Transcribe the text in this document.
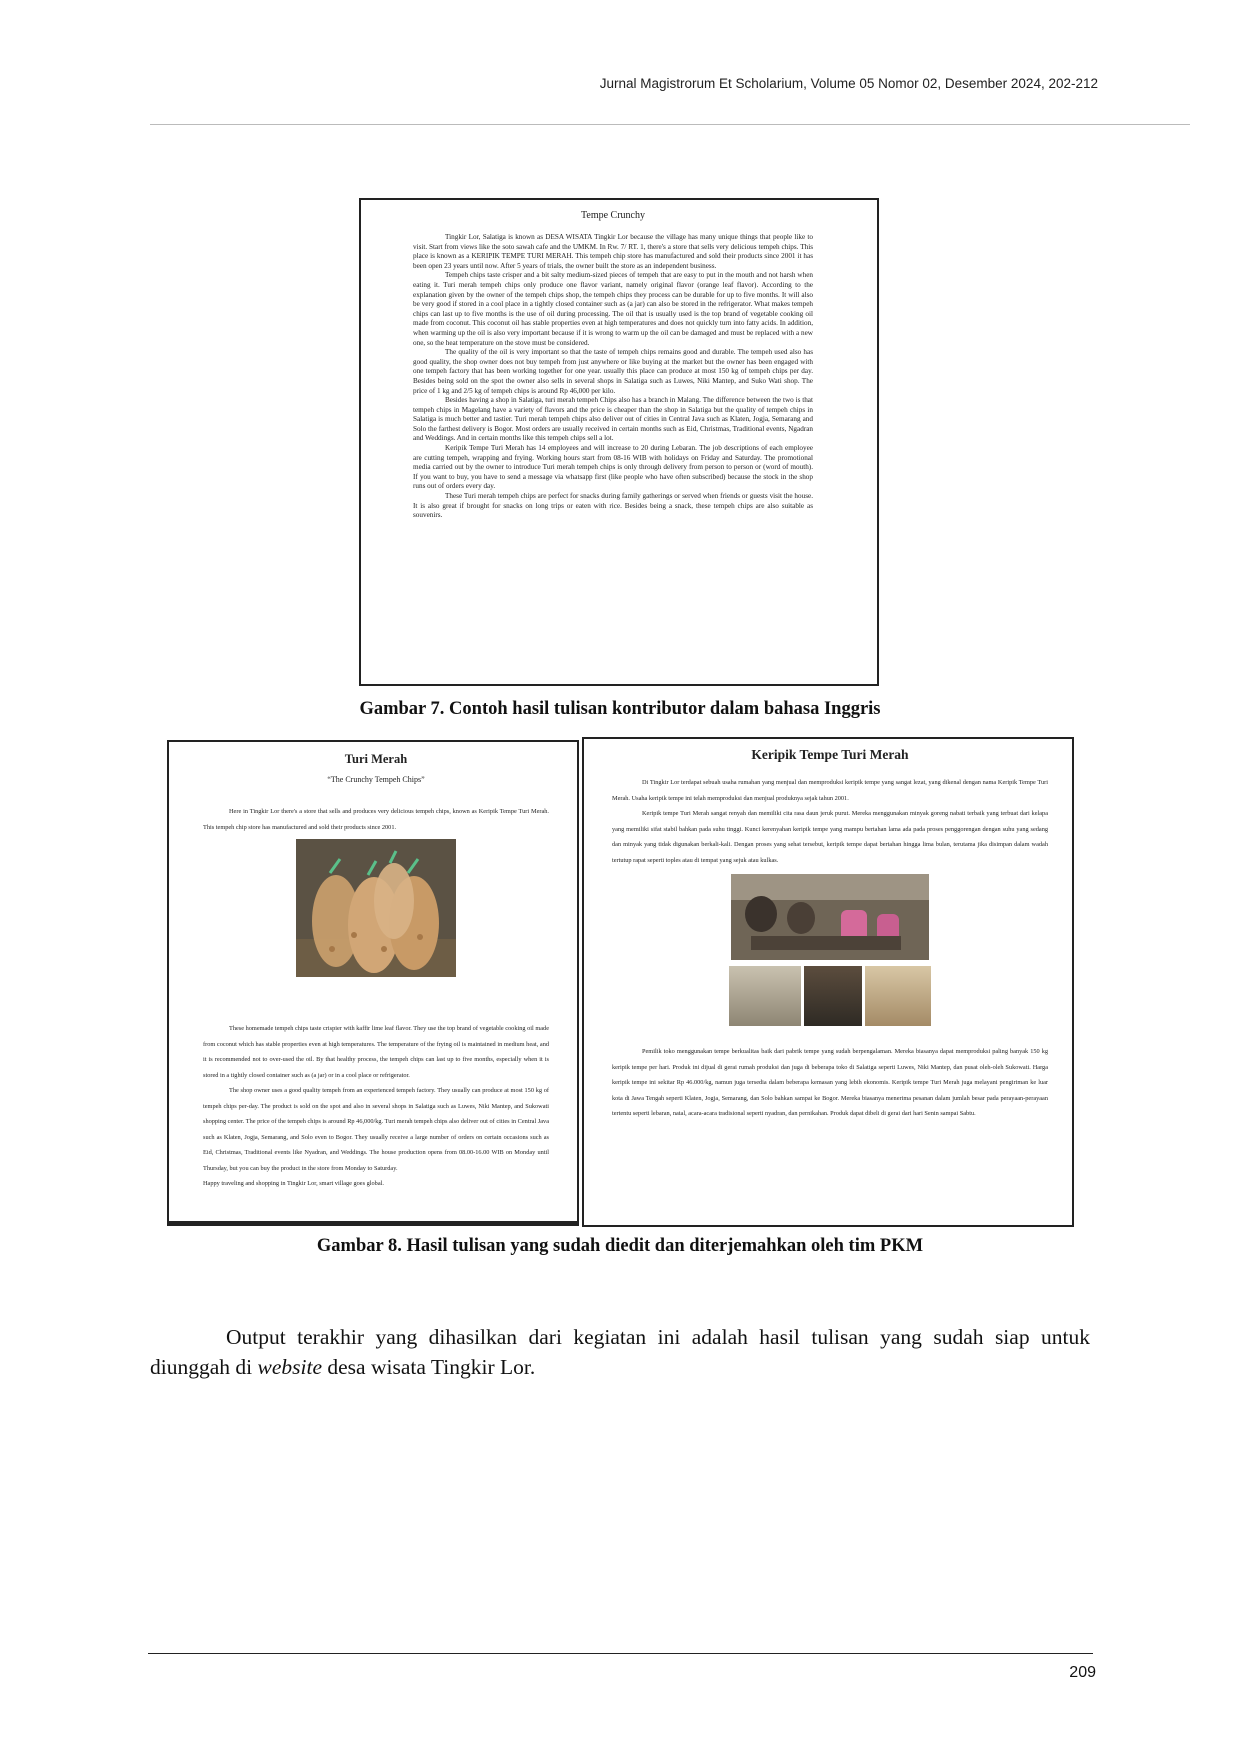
Jurnal Magistrorum Et Scholarium, Volume 05 Nomor 02, Desember 2024, 202-212

Tempe Crunchy

Tingkir Lor, Salatiga is known as DESA WISATA Tingkir Lor because the village has many unique things that people like to visit. Start from views like the soto sawah cafe and the UMKM. In Rw. 7/ RT. 1, there's a store that sells very delicious tempeh chips. This place is known as a KERIPIK TEMPE TURI MERAH. This tempeh chip store has manufactured and sold their products since 2001 it has been open 23 years until now. After 5 years of trials, the owner built the store as an independent business.

Tempeh chips taste crisper and a bit salty medium-sized pieces of tempeh that are easy to put in the mouth and not harsh when eating it. Turi merah tempeh chips only produce one flavor variant, namely original flavor (orange leaf flavor). According to the explanation given by the owner of the tempeh chips shop, the tempeh chips they process can be durable for up to five months. It will also be very good if stored in a cool place in a tightly closed container such as (a jar) can also be stored in the refrigerator. What makes tempeh chips can last up to five months is the use of oil during processing. The oil that is usually used is the top brand of vegetable cooking oil made from coconut. This coconut oil has stable properties even at high temperatures and does not quickly turn into fatty acids. In addition, when warming up the oil is also very important because if it is wrong to warm up the oil can be damaged and must be replaced with a new one, so the heat temperature on the stove must be considered.

The quality of the oil is very important so that the taste of tempeh chips remains good and durable. The tempeh used also has good quality, the shop owner does not buy tempeh from just anywhere or like buying at the market but the owner has been engaged with one tempeh factory that has been working together for one year. usually this place can produce at most 150 kg of tempeh chips per day. Besides being sold on the spot the owner also sells in several shops in Salatiga such as Luwes, Niki Mantep, and Suko Wati shop. The price of 1 kg and 2/5 kg of tempeh chips is around Rp 46,000 per kilo.

Besides having a shop in Salatiga, turi merah tempeh Chips also has a branch in Malang. The difference between the two is that tempeh chips in Magelang have a variety of flavors and the price is cheaper than the shop in Salatiga but the quality of tempeh chips in Salatiga is much better and tastier. Turi merah tempeh chips also deliver out of cities in Central Java such as Klaten, Jogja, Semarang and Solo the farthest delivery is Bogor. Most orders are usually received in certain months such as Eid, Christmas, Traditional events, Ngadran and Weddings. And in certain months like this tempeh chips sell a lot.

Keripik Tempe Turi Merah has 14 employees and will increase to 20 during Lebaran. The job descriptions of each employee are cutting tempeh, wrapping and frying. Working hours start from 08-16 WIB with holidays on Friday and Saturday. The promotional media carried out by the owner to introduce Turi merah tempeh chips is only through delivery from person to person or (word of mouth). If you want to buy, you have to send a message via whatsapp first (like people who have often subscribed) because the stock in the shop runs out of orders every day.

These Turi merah tempeh chips are perfect for snacks during family gatherings or served when friends or guests visit the house. It is also great if brought for snacks on long trips or eaten with rice. Besides being a snack, these tempeh chips are also suitable as souvenirs.

Gambar 7. Contoh hasil tulisan kontributor dalam bahasa Inggris

Turi Merah

“The Crunchy Tempeh Chips”

Here in Tingkir Lor there's a store that sells and produces very delicious tempeh chips, known as Keripik Tempe Turi Merah. This tempeh chip store has manufactured and sold their products since 2001.

These homemade tempeh chips taste crispier with kaffir lime leaf flavor. They use the top brand of vegetable cooking oil made from coconut which has stable properties even at high temperatures. The temperature of the frying oil is maintained in medium heat, and it is recommended not to over-used the oil. By that healthy process, the tempeh chips can last up to five months, especially when it is stored in a tightly closed container such as (a jar) or in a cool place or refrigerator.

The shop owner uses a good quality tempeh from an experienced tempeh factory. They usually can produce at most 150 kg of tempeh chips per-day. The product is sold on the spot and also in several shops in Salatiga such as Luwes, Niki Mantep, and Sukowati shopping center. The price of the tempeh chips is around Rp 46,000/kg. Turi merah tempeh chips also deliver out of cities in Central Java such as Klaten, Jogja, Semarang, and Solo even to Bogor. They usually receive a large number of orders on certain occasions such as Eid, Christmas, Traditional events like Nyadran, and Weddings. The house production opens from 08.00-16.00 WIB on Monday until Thursday, but you can buy the product in the store from Monday to Saturday.

Happy traveling and shopping in Tingkir Lor, smart village goes global.

Keripik Tempe Turi Merah

Di Tingkir Lor terdapat sebuah usaha rumahan yang menjual dan memproduksi keripik tempe yang sangat lezat, yang dikenal dengan nama Keripik Tempe Turi Merah. Usaha keripik tempe ini telah memproduksi dan menjual produknya sejak tahun 2001.

Keripik tempe Turi Merah sangat renyah dan memiliki cita rasa daun jeruk purut. Mereka menggunakan minyak goreng nabati terbaik yang terbuat dari kelapa yang memiliki sifat stabil bahkan pada suhu tinggi. Kunci kerenyahan keripik tempe yang mampu bertahan lama ada pada proses penggorengan dengan suhu yang sedang dan minyak yang tidak digunakan berkali-kali. Dengan proses yang sehat tersebut, keripik tempe dapat bertahan hingga lima bulan, terutama jika disimpan dalam wadah tertutup rapat seperti toples atau di tempat yang sejuk atau kulkas.

Pemilik toko menggunakan tempe berkualitas baik dari pabrik tempe yang sudah berpengalaman. Mereka biasanya dapat memproduksi paling banyak 150 kg keripik tempe per hari. Produk ini dijual di gerai rumah produksi dan juga di beberapa toko di Salatiga seperti Luwes, Niki Mantep, dan pusat oleh-oleh Sukowati. Harga keripik tempe ini sekitar Rp 46.000/kg, namun juga tersedia dalam beberapa kemasan yang lebih ekonomis. Keripik tempe Turi Merah juga melayani pengiriman ke luar kota di Jawa Tengah seperti Klaten, Jogja, Semarang, dan Solo bahkan sampai ke Bogor. Mereka biasanya menerima pesanan dalam jumlah besar pada perayaan-perayaan tertentu seperti lebaran, natal, acara-acara tradisional seperti nyadran, dan pernikahan. Produk dapat dibeli di gerai dari hari Senin sampai Sabtu.

Gambar 8. Hasil tulisan yang sudah diedit dan diterjemahkan oleh tim PKM

Output terakhir yang dihasilkan dari kegiatan ini adalah hasil tulisan yang sudah siap untuk diunggah di website desa wisata Tingkir Lor.

209
